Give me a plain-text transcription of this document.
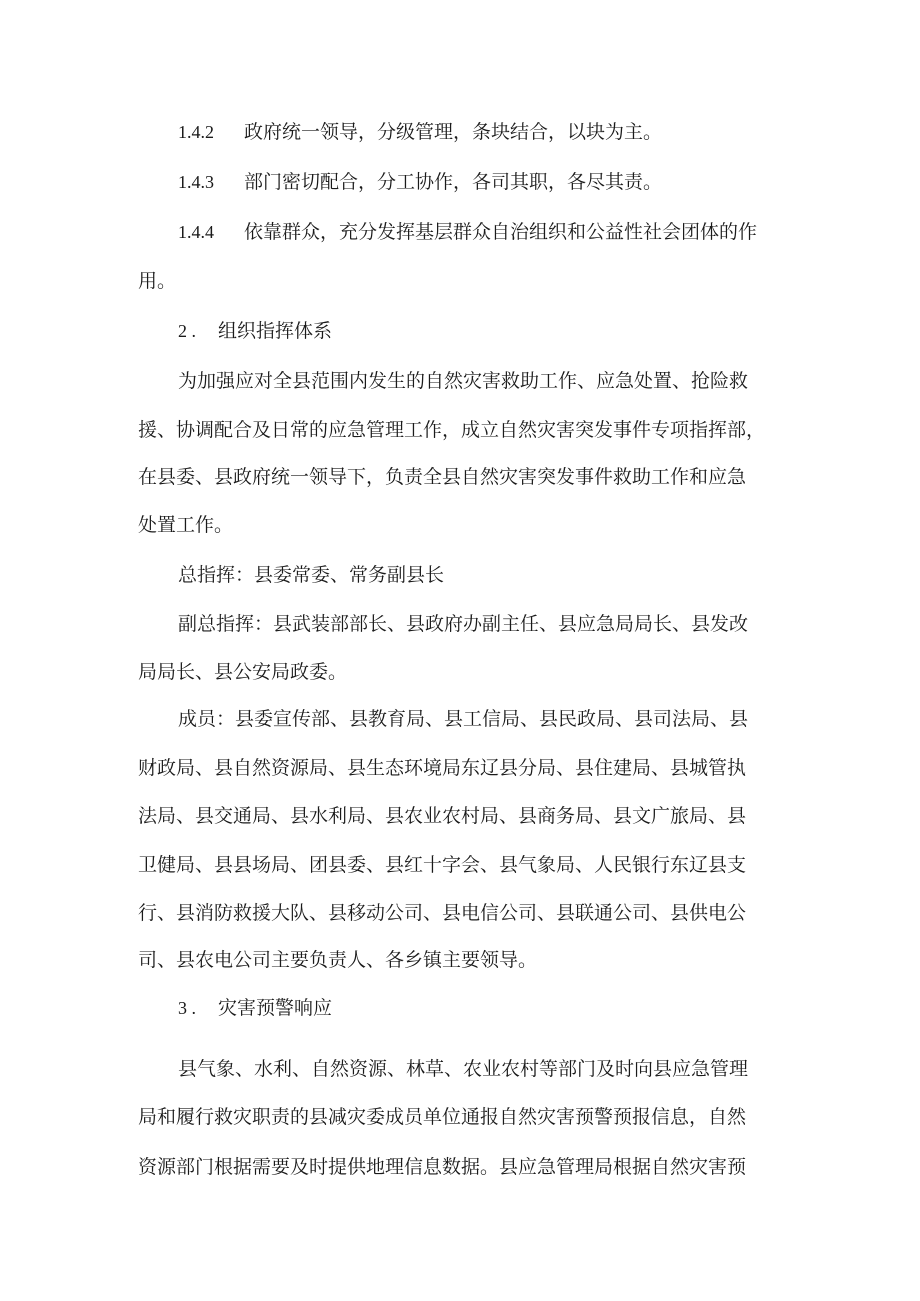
1.4.2 政府统一领导，分级管理，条块结合，以块为主。

1.4.3 部门密切配合，分工协作，各司其职，各尽其责。

1.4.4 依靠群众，充分发挥基层群众自治组织和公益性社会团体的作

用。

2 . 组织指挥体系

为加强应对全县范围内发生的自然灾害救助工作、应急处置、抢险救

援、协调配合及日常的应急管理工作，成立自然灾害突发事件专项指挥部，

在县委、县政府统一领导下，负责全县自然灾害突发事件救助工作和应急

处置工作。

总指挥：县委常委、常务副县长

副总指挥：县武装部部长、县政府办副主任、县应急局局长、县发改

局局长、县公安局政委。

成员：县委宣传部、县教育局、县工信局、县民政局、县司法局、县

财政局、县自然资源局、县生态环境局东辽县分局、县住建局、县城管执

法局、县交通局、县水利局、县农业农村局、县商务局、县文广旅局、县

卫健局、县县场局、团县委、县红十字会、县气象局、人民银行东辽县支

行、县消防救援大队、县移动公司、县电信公司、县联通公司、县供电公

司、县农电公司主要负责人、各乡镇主要领导。

3 . 灾害预警响应

县气象、水利、自然资源、林草、农业农村等部门及时向县应急管理

局和履行救灾职责的县减灾委成员单位通报自然灾害预警预报信息，自然

资源部门根据需要及时提供地理信息数据。县应急管理局根据自然灾害预
